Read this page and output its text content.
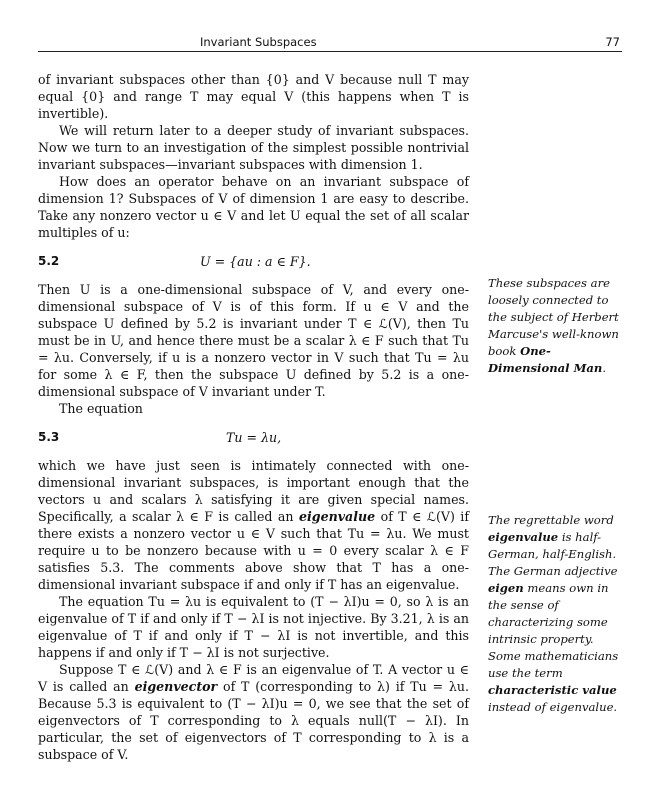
Invariant Subspaces	77

of invariant subspaces other than {0} and V because null T may equal {0} and range T may equal V (this happens when T is invertible).

We will return later to a deeper study of invariant subspaces. Now we turn to an investigation of the simplest possible nontrivial invariant subspaces—invariant subspaces with dimension 1.

How does an operator behave on an invariant subspace of dimension 1? Subspaces of V of dimension 1 are easy to describe. Take any nonzero vector u ∈ V and let U equal the set of all scalar multiples of u:

5.2	U = {au : a ∈ F}.

Then U is a one-dimensional subspace of V, and every one-dimensional subspace of V is of this form. If u ∈ V and the subspace U defined by 5.2 is invariant under T ∈ ℒ(V), then Tu must be in U, and hence there must be a scalar λ ∈ F such that Tu = λu. Conversely, if u is a nonzero vector in V such that Tu = λu for some λ ∈ F, then the subspace U defined by 5.2 is a one-dimensional subspace of V invariant under T.

The equation

5.3	Tu = λu,

which we have just seen is intimately connected with one-dimensional invariant subspaces, is important enough that the vectors u and scalars λ satisfying it are given special names. Specifically, a scalar λ ∈ F is called an eigenvalue of T ∈ ℒ(V) if there exists a nonzero vector u ∈ V such that Tu = λu. We must require u to be nonzero because with u = 0 every scalar λ ∈ F satisfies 5.3. The comments above show that T has a one-dimensional invariant subspace if and only if T has an eigenvalue.

The equation Tu = λu is equivalent to (T − λI)u = 0, so λ is an eigenvalue of T if and only if T − λI is not injective. By 3.21, λ is an eigenvalue of T if and only if T − λI is not invertible, and this happens if and only if T − λI is not surjective.

Suppose T ∈ ℒ(V) and λ ∈ F is an eigenvalue of T. A vector u ∈ V is called an eigenvector of T (corresponding to λ) if Tu = λu. Because 5.3 is equivalent to (T − λI)u = 0, we see that the set of eigenvectors of T corresponding to λ equals null(T − λI). In particular, the set of eigenvectors of T corresponding to λ is a subspace of V.

These subspaces are loosely connected to the subject of Herbert Marcuse's well-known book One-Dimensional Man.
The regrettable word eigenvalue is half-German, half-English. The German adjective eigen means own in the sense of characterizing some intrinsic property. Some mathematicians use the term characteristic value instead of eigenvalue.
